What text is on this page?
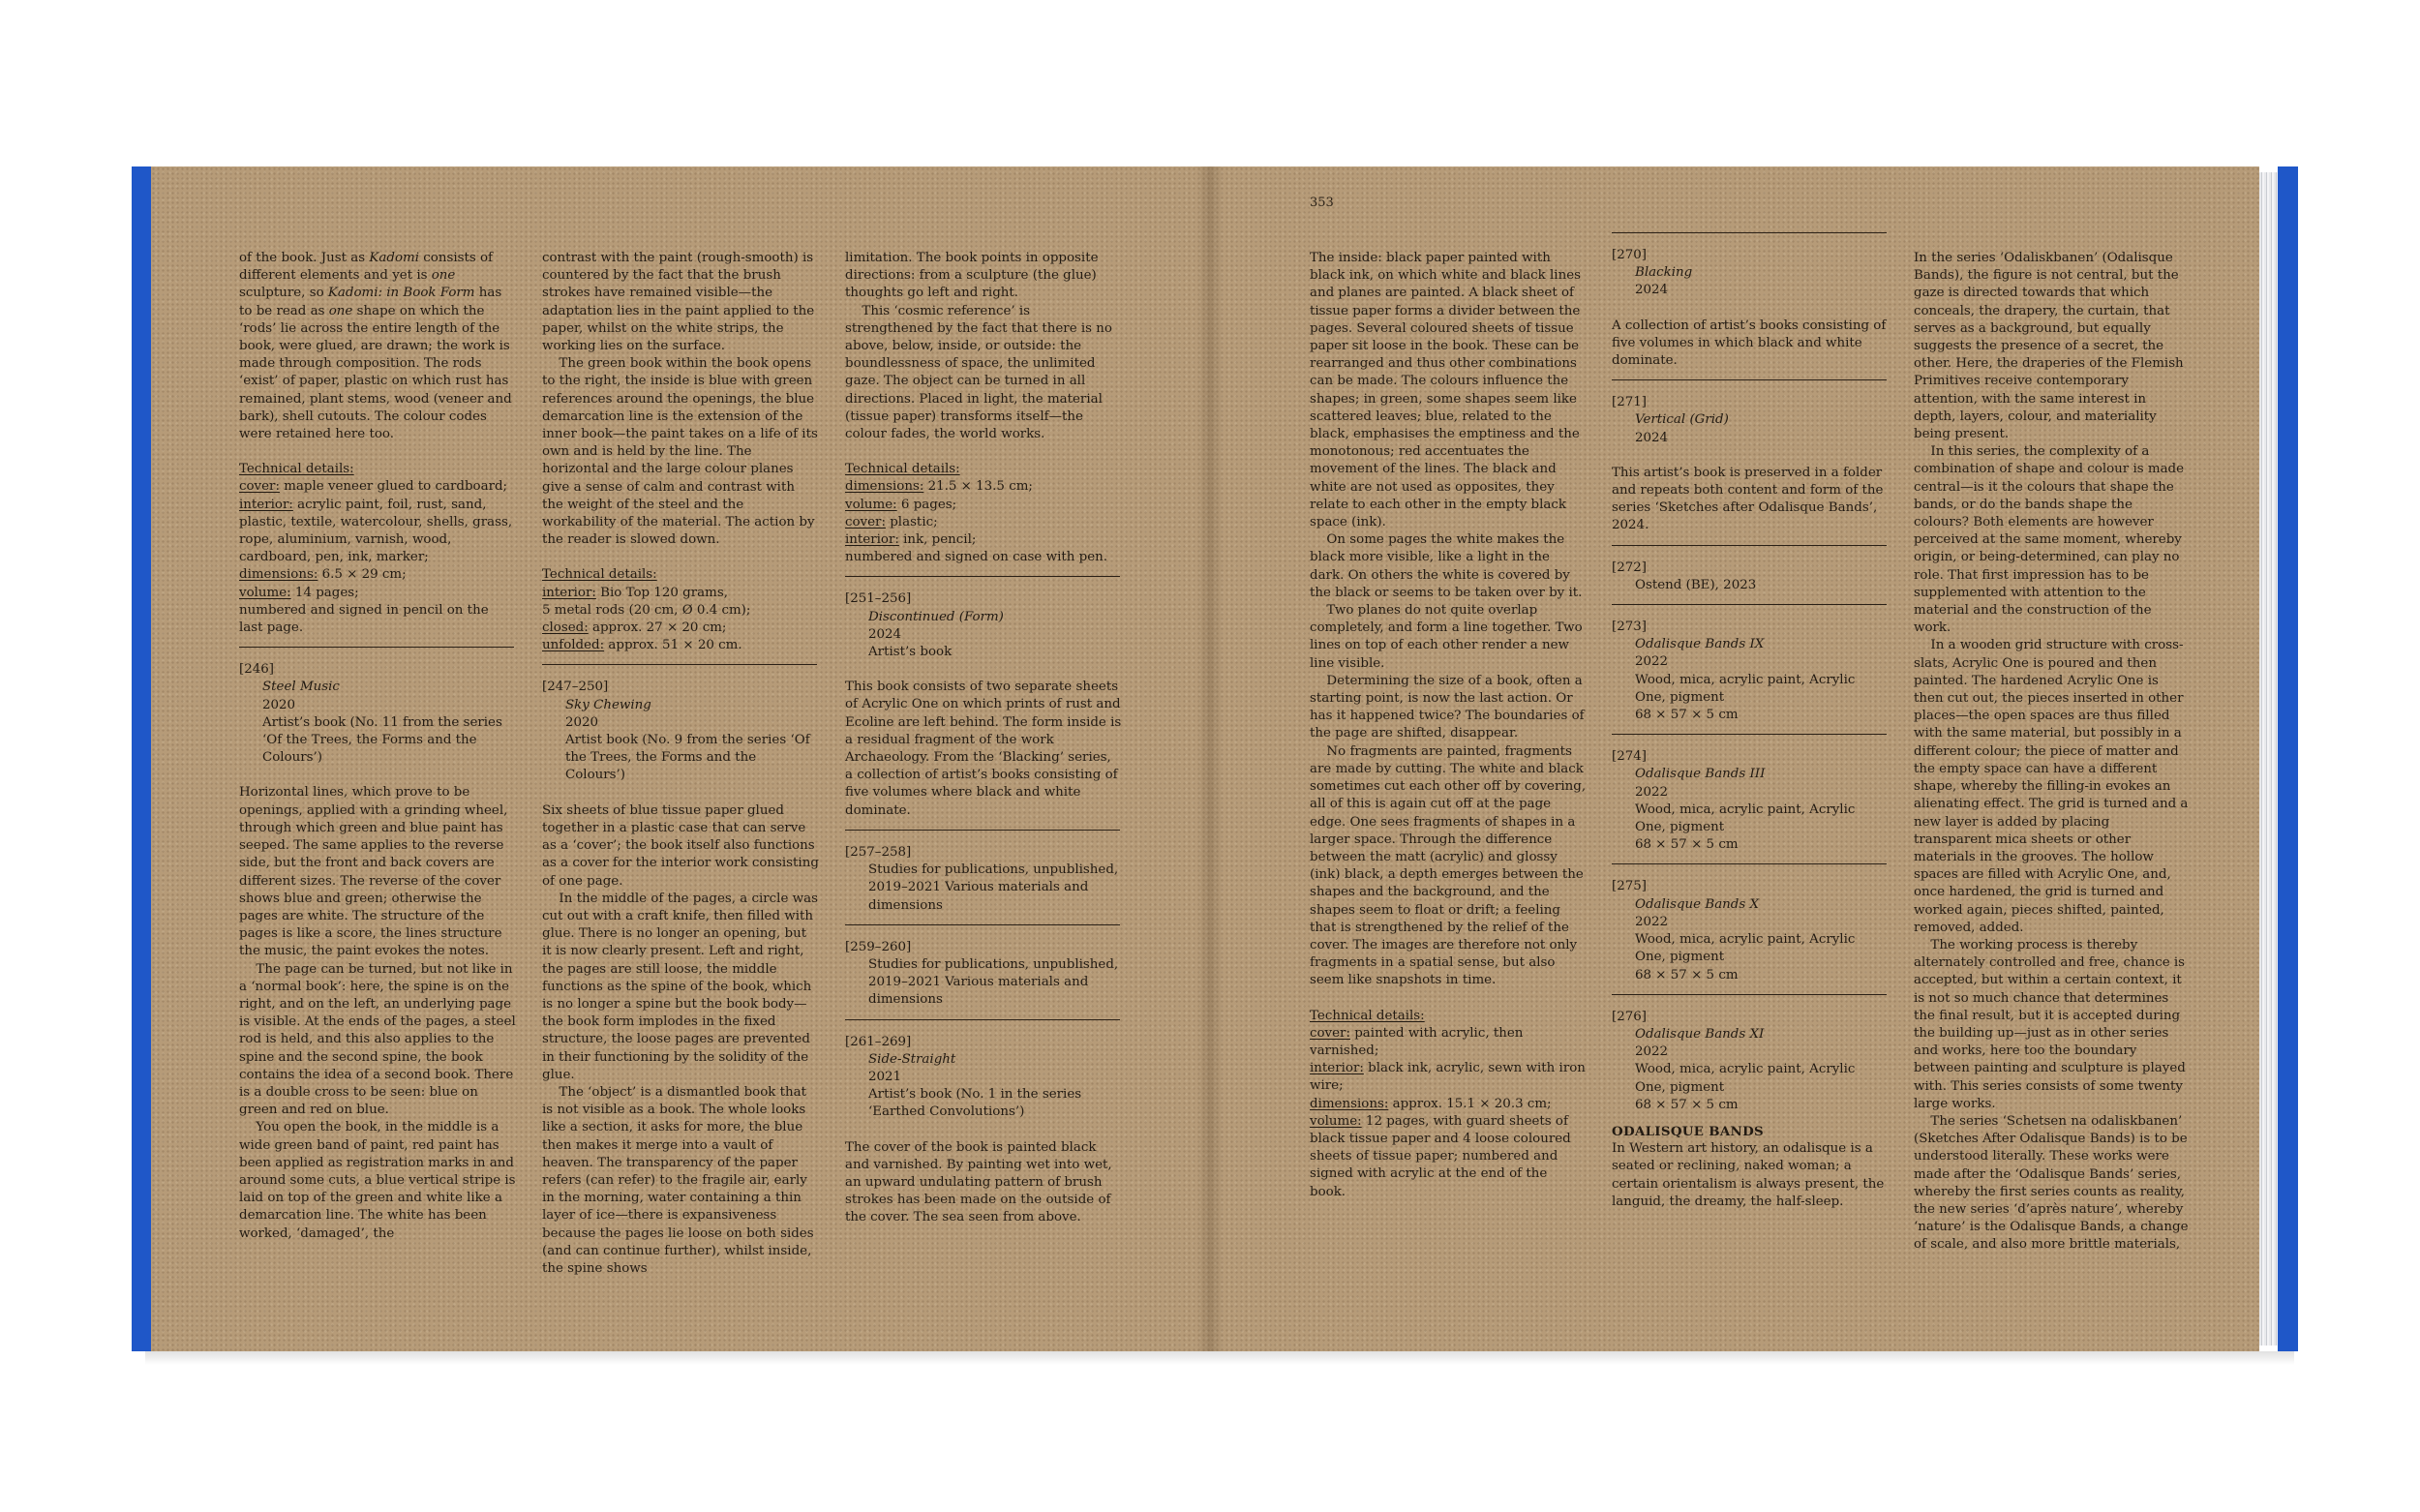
353

of the book. Just as Kadomi consists of different elements and yet is one sculpture, so Kadomi: in Book Form has to be read as one shape on which the ‘rods’ lie across the entire length of the book, were glued, are drawn; the work is made through composition. The rods ‘exist’ of paper, plastic on which rust has remained, plant stems, wood (veneer and bark), shell cutouts. The colour codes were retained here too.

Technical details:

cover: maple veneer glued to cardboard;

interior: acrylic paint, foil, rust, sand, plastic, textile, watercolour, shells, grass, rope, aluminium, varnish, wood, cardboard, pen, ink, marker;

dimensions: 6.5 × 29 cm;

volume: 14 pages;

numbered and signed in pencil on the last page.

[246]

Steel Music

2020

Artist’s book (No. 11 from the series ‘Of the Trees, the Forms and the Colours’)

Horizontal lines, which prove to be openings, applied with a grinding wheel, through which green and blue paint has seeped. The same applies to the reverse side, but the front and back covers are different sizes. The reverse of the cover shows blue and green; otherwise the pages are white. The structure of the pages is like a score, the lines structure the music, the paint evokes the notes.

The page can be turned, but not like in a ‘normal book’: here, the spine is on the right, and on the left, an underlying page is visible. At the ends of the pages, a steel rod is held, and this also applies to the spine and the second spine, the book contains the idea of a second book. There is a double cross to be seen: blue on green and red on blue.

You open the book, in the middle is a wide green band of paint, red paint has been applied as registration marks in and around some cuts, a blue vertical stripe is laid on top of the green and white like a demarcation line. The white has been worked, ‘damaged’, the

contrast with the paint (rough-smooth) is countered by the fact that the brush strokes have remained visible—the adaptation lies in the paint applied to the paper, whilst on the white strips, the working lies on the surface.

The green book within the book opens to the right, the inside is blue with green references around the openings, the blue demarcation line is the extension of the inner book—the paint takes on a life of its own and is held by the line. The horizontal and the large colour planes give a sense of calm and contrast with the weight of the steel and the workability of the material. The action by the reader is slowed down.

Technical details:

interior: Bio Top 120 grams,

5 metal rods (20 cm, Ø 0.4 cm);

closed: approx. 27 × 20 cm;

unfolded: approx. 51 × 20 cm.

[247–250]

Sky Chewing

2020

Artist book (No. 9 from the series ‘Of the Trees, the Forms and the Colours’)

Six sheets of blue tissue paper glued together in a plastic case that can serve as a ‘cover’; the book itself also functions as a cover for the interior work consisting of one page.

In the middle of the pages, a circle was cut out with a craft knife, then filled with glue. There is no longer an opening, but it is now clearly present. Left and right, the pages are still loose, the middle functions as the spine of the book, which is no longer a spine but the book body—the book form implodes in the fixed structure, the loose pages are prevented in their functioning by the solidity of the glue.

The ‘object’ is a dismantled book that is not visible as a book. The whole looks like a section, it asks for more, the blue then makes it merge into a vault of heaven. The transparency of the paper refers (can refer) to the fragile air, early in the morning, water containing a thin layer of ice—there is expansiveness because the pages lie loose on both sides (and can continue further), whilst inside, the spine shows

limitation. The book points in opposite directions: from a sculpture (the glue) thoughts go left and right.

This ‘cosmic reference’ is strengthened by the fact that there is no above, below, inside, or outside: the boundlessness of space, the unlimited gaze. The object can be turned in all directions. Placed in light, the material (tissue paper) transforms itself—the colour fades, the world works.

Technical details:

dimensions: 21.5 × 13.5 cm;

volume: 6 pages;

cover: plastic;

interior: ink, pencil;

numbered and signed on case with pen.

[251–256]

Discontinued (Form)

2024

Artist’s book

This book consists of two separate sheets of Acrylic One on which prints of rust and Ecoline are left behind. The form inside is a residual fragment of the work Archaeology. From the ‘Blacking’ series, a collection of artist’s books consisting of five volumes where black and white dominate.

[257–258]

Studies for publications, unpublished, 2019–2021 Various materials and dimensions

[259–260]

Studies for publications, unpublished, 2019–2021 Various materials and dimensions

[261–269]

Side-Straight

2021

Artist’s book (No. 1 in the series ‘Earthed Convolutions’)

The cover of the book is painted black and varnished. By painting wet into wet, an upward undulating pattern of brush strokes has been made on the outside of the cover. The sea seen from above.

The inside: black paper painted with black ink, on which white and black lines and planes are painted. A black sheet of tissue paper forms a divider between the pages. Several coloured sheets of tissue paper sit loose in the book. These can be rearranged and thus other combinations can be made. The colours influence the shapes; in green, some shapes seem like scattered leaves; blue, related to the black, emphasises the emptiness and the monotonous; red accentuates the movement of the lines. The black and white are not used as opposites, they relate to each other in the empty black space (ink).

On some pages the white makes the black more visible, like a light in the dark. On others the white is covered by the black or seems to be taken over by it.

Two planes do not quite overlap completely, and form a line together. Two lines on top of each other render a new line visible.

Determining the size of a book, often a starting point, is now the last action. Or has it happened twice? The boundaries of the page are shifted, disappear.

No fragments are painted, fragments are made by cutting. The white and black sometimes cut each other off by covering, all of this is again cut off at the page edge. One sees fragments of shapes in a larger space. Through the difference between the matt (acrylic) and glossy (ink) black, a depth emerges between the shapes and the background, and the shapes seem to float or drift; a feeling that is strengthened by the relief of the cover. The images are therefore not only fragments in a spatial sense, but also seem like snapshots in time.

Technical details:

cover: painted with acrylic, then varnished;

interior: black ink, acrylic, sewn with iron wire;

dimensions: approx. 15.1 × 20.3 cm;

volume: 12 pages, with guard sheets of black tissue paper and 4 loose coloured sheets of tissue paper; numbered and signed with acrylic at the end of the book.

[270]

Blacking

2024

A collection of artist’s books consisting of five volumes in which black and white dominate.

[271]

Vertical (Grid)

2024

This artist’s book is preserved in a folder and repeats both content and form of the series ‘Sketches after Odalisque Bands’, 2024.

[272]

Ostend (BE), 2023

[273]

Odalisque Bands IX

2022

Wood, mica, acrylic paint, Acrylic One, pigment

68 × 57 × 5 cm

[274]

Odalisque Bands III

2022

Wood, mica, acrylic paint, Acrylic One, pigment

68 × 57 × 5 cm

[275]

Odalisque Bands X

2022

Wood, mica, acrylic paint, Acrylic One, pigment

68 × 57 × 5 cm

[276]

Odalisque Bands XI

2022

Wood, mica, acrylic paint, Acrylic One, pigment

68 × 57 × 5 cm

ODALISQUE BANDS

In Western art history, an odalisque is a seated or reclining, naked woman; a certain orientalism is always present, the languid, the dreamy, the half-sleep.

In the series ‘Odaliskbanen’ (Odalisque Bands), the figure is not central, but the gaze is directed towards that which conceals, the drapery, the curtain, that serves as a background, but equally suggests the presence of a secret, the other. Here, the draperies of the Flemish Primitives receive contemporary attention, with the same interest in depth, layers, colour, and materiality being present.

In this series, the complexity of a combination of shape and colour is made central—is it the colours that shape the bands, or do the bands shape the colours? Both elements are however perceived at the same moment, whereby origin, or being-determined, can play no role. That first impression has to be supplemented with attention to the material and the construction of the work.

In a wooden grid structure with cross-slats, Acrylic One is poured and then painted. The hardened Acrylic One is then cut out, the pieces inserted in other places—the open spaces are thus filled with the same material, but possibly in a different colour; the piece of matter and the empty space can have a different shape, whereby the filling-in evokes an alienating effect. The grid is turned and a new layer is added by placing transparent mica sheets or other materials in the grooves. The hollow spaces are filled with Acrylic One, and, once hardened, the grid is turned and worked again, pieces shifted, painted, removed, added.

The working process is thereby alternately controlled and free, chance is accepted, but within a certain context, it is not so much chance that determines the final result, but it is accepted during the building up—just as in other series and works, here too the boundary between painting and sculpture is played with. This series consists of some twenty large works.

The series ‘Schetsen na odaliskbanen’ (Sketches After Odalisque Bands) is to be understood literally. These works were made after the ‘Odalisque Bands’ series, whereby the first series counts as reality, the new series ‘d’après nature’, whereby ‘nature’ is the Odalisque Bands, a change of scale, and also more brittle materials,
